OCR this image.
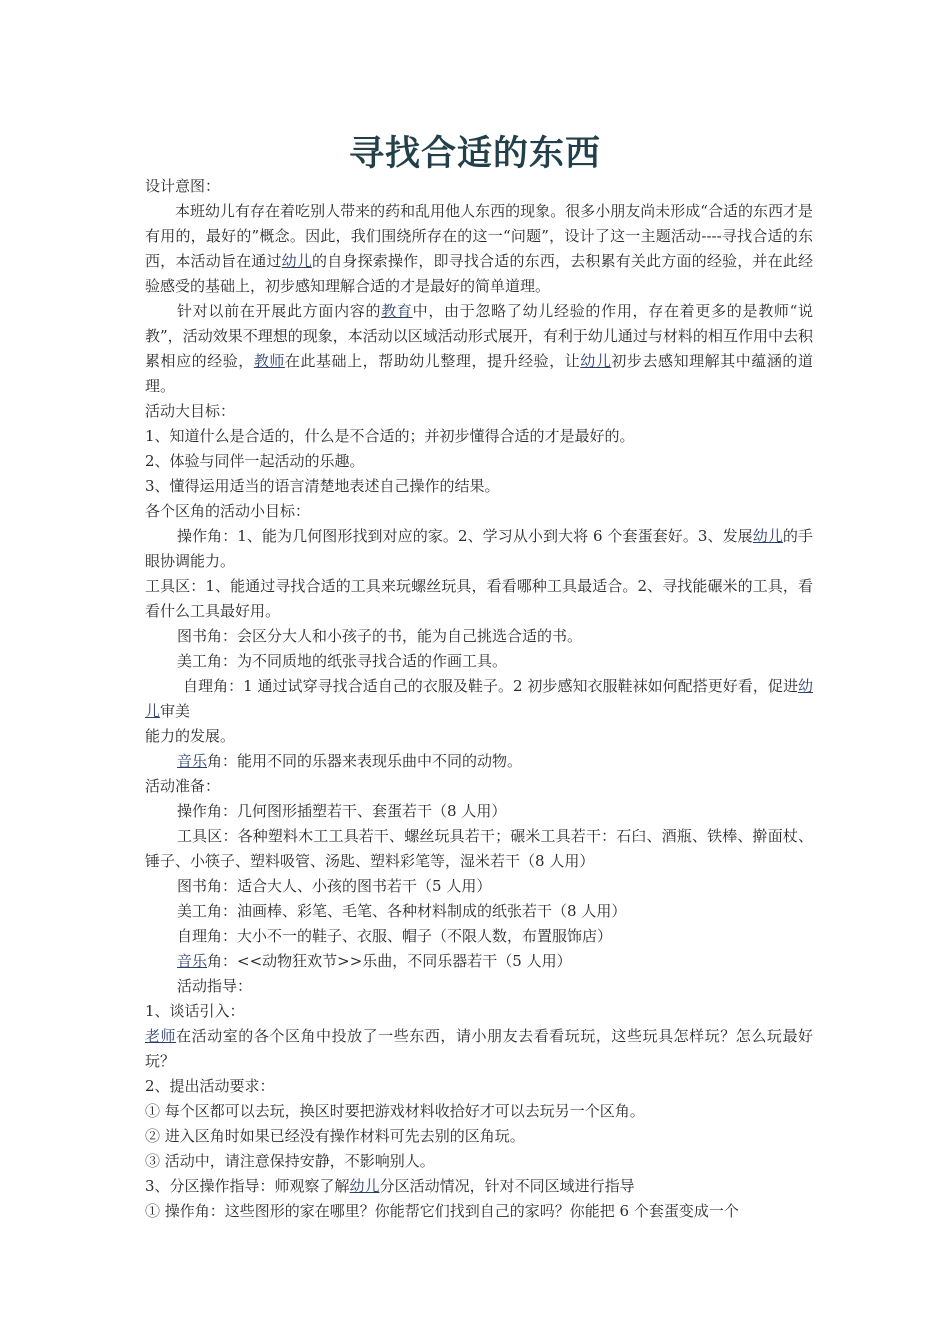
寻找合适的东西

设计意图：

本班幼儿有存在着吃别人带来的药和乱用他人东西的现象。很多小朋友尚未形成“合适的东西才是有用的，最好的”概念。因此，我们围绕所存在的这一“问题”，设计了这一主题活动----寻找合适的东西，本活动旨在通过幼儿的自身探索操作，即寻找合适的东西，去积累有关此方面的经验，并在此经验感受的基础上，初步感知理解合适的才是最好的简单道理。

针对以前在开展此方面内容的教育中，由于忽略了幼儿经验的作用，存在着更多的是教师“说教”，活动效果不理想的现象，本活动以区域活动形式展开，有利于幼儿通过与材料的相互作用中去积累相应的经验，教师在此基础上，帮助幼儿整理，提升经验，让幼儿初步去感知理解其中蕴涵的道理。

活动大目标：

1、知道什么是合适的，什么是不合适的；并初步懂得合适的才是最好的。

2、体验与同伴一起活动的乐趣。

3、懂得运用适当的语言清楚地表述自己操作的结果。

各个区角的活动小目标：

操作角：1、能为几何图形找到对应的家。2、学习从小到大将 6 个套蛋套好。3、发展幼儿的手眼协调能力。

工具区：1、能通过寻找合适的工具来玩螺丝玩具，看看哪种工具最适合。2、寻找能碾米的工具，看看什么工具最好用。

图书角：会区分大人和小孩子的书，能为自己挑选合适的书。

美工角：为不同质地的纸张寻找合适的作画工具。

自理角：1 通过试穿寻找合适自己的衣服及鞋子。2 初步感知衣服鞋袜如何配搭更好看，促进幼儿审美

能力的发展。

音乐角：能用不同的乐器来表现乐曲中不同的动物。

活动准备：

操作角：几何图形插塑若干、套蛋若干（8 人用）

工具区：各种塑料木工工具若干、螺丝玩具若干；碾米工具若干：石臼、酒瓶、铁棒、擀面杖、锤子、小筷子、塑料吸管、汤匙、塑料彩笔等，湿米若干（8 人用）

图书角：适合大人、小孩的图书若干（5 人用）

美工角：油画棒、彩笔、毛笔、各种材料制成的纸张若干（8 人用）

自理角：大小不一的鞋子、衣服、帽子（不限人数，布置服饰店）

音乐角：<<动物狂欢节>>乐曲，不同乐器若干（5 人用）

活动指导：

1、谈话引入：

老师在活动室的各个区角中投放了一些东西，请小朋友去看看玩玩，这些玩具怎样玩？怎么玩最好玩？

2、提出活动要求：

① 每个区都可以去玩，换区时要把游戏材料收拾好才可以去玩另一个区角。

② 进入区角时如果已经没有操作材料可先去别的区角玩。

③ 活动中，请注意保持安静，不影响别人。

3、分区操作指导：师观察了解幼儿分区活动情况，针对不同区域进行指导

① 操作角：这些图形的家在哪里？你能帮它们找到自己的家吗？你能把 6 个套蛋变成一个
